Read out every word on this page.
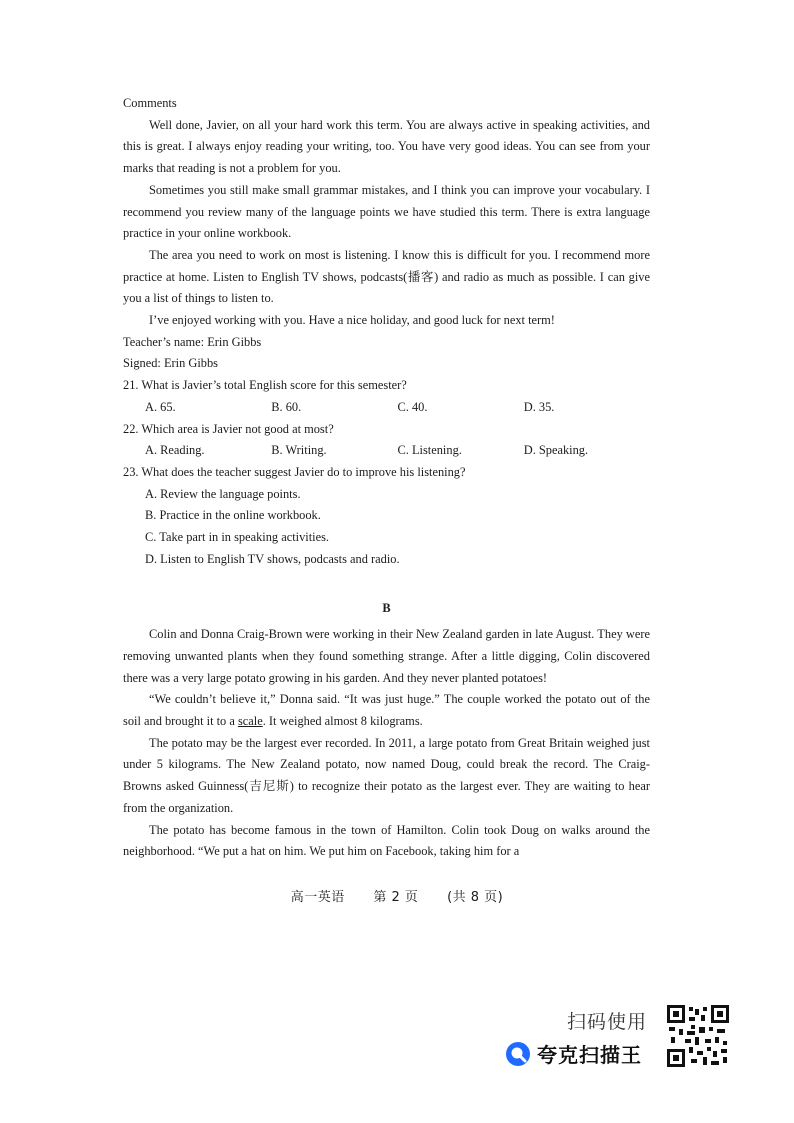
Comments

Well done, Javier, on all your hard work this term. You are always active in speaking activities, and this is great. I always enjoy reading your writing, too. You have very good ideas. You can see from your marks that reading is not a problem for you.

Sometimes you still make small grammar mistakes, and I think you can improve your vocabulary. I recommend you review many of the language points we have studied this term. There is extra language practice in your online workbook.

The area you need to work on most is listening. I know this is difficult for you. I recommend more practice at home. Listen to English TV shows, podcasts(播客) and radio as much as possible. I can give you a list of things to listen to.

I’ve enjoyed working with you. Have a nice holiday, and good luck for next term!

Teacher’s name: Erin Gibbs

Signed: Erin Gibbs

21. What is Javier’s total English score for this semester?

A. 65.	B. 60.	C. 40.	D. 35.

22. Which area is Javier not good at most?

A. Reading.	B. Writing.	C. Listening.	D. Speaking.

23. What does the teacher suggest Javier do to improve his listening?

A. Review the language points.

B. Practice in the online workbook.

C. Take part in in speaking activities.

D. Listen to English TV shows, podcasts and radio.

B

Colin and Donna Craig-Brown were working in their New Zealand garden in late August. They were removing unwanted plants when they found something strange. After a little digging, Colin discovered there was a very large potato growing in his garden. And they never planted potatoes!

“We couldn’t believe it,” Donna said. “It was just huge.” The couple worked the potato out of the soil and brought it to a scale. It weighed almost 8 kilograms.

The potato may be the largest ever recorded. In 2011, a large potato from Great Britain weighed just under 5 kilograms. The New Zealand potato, now named Doug, could break the record. The Craig-Browns asked Guinness(吉尼斯) to recognize their potato as the largest ever. They are waiting to hear from the organization.

The potato has become famous in the town of Hamilton. Colin took Doug on walks around the neighborhood. “We put a hat on him. We put him on Facebook, taking him for a

高一英语 第 2 页 (共 8 页)
扫码使用
夸克扫描王
